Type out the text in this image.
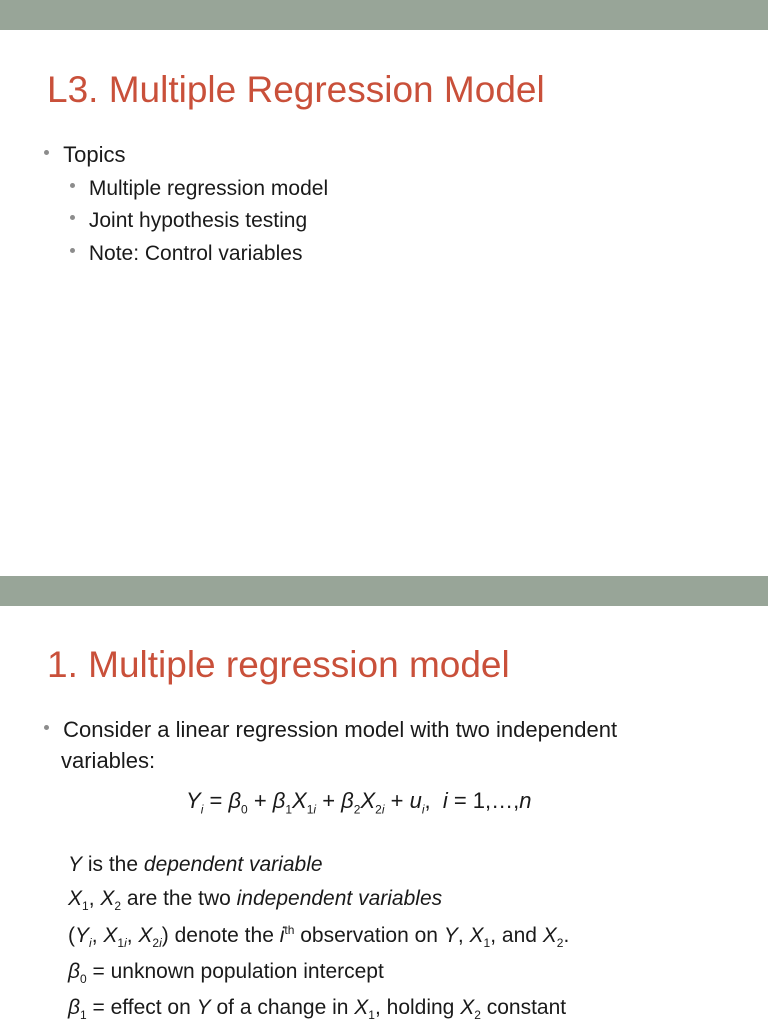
L3. Multiple Regression Model
Topics
Multiple regression model
Joint hypothesis testing
Note: Control variables
1. Multiple regression model
Consider a linear regression model with two independent
variables:
$Y_i = \beta_0 + \beta_1X_{1i} + \beta_2X_{2i} + u_i$,  i = 1,…,n
Y is the dependent variable
$X_1$, $X_2$ are the two independent variables
($Y_i$, $X_{1i}$, $X_{2i}$) denote the $i^{th}$ observation on Y, $X_1$, and $X_2$.
$\beta_0$ = unknown population intercept
$\beta_1$ = effect on Y of a change in $X_1$, holding $X_2$ constant
